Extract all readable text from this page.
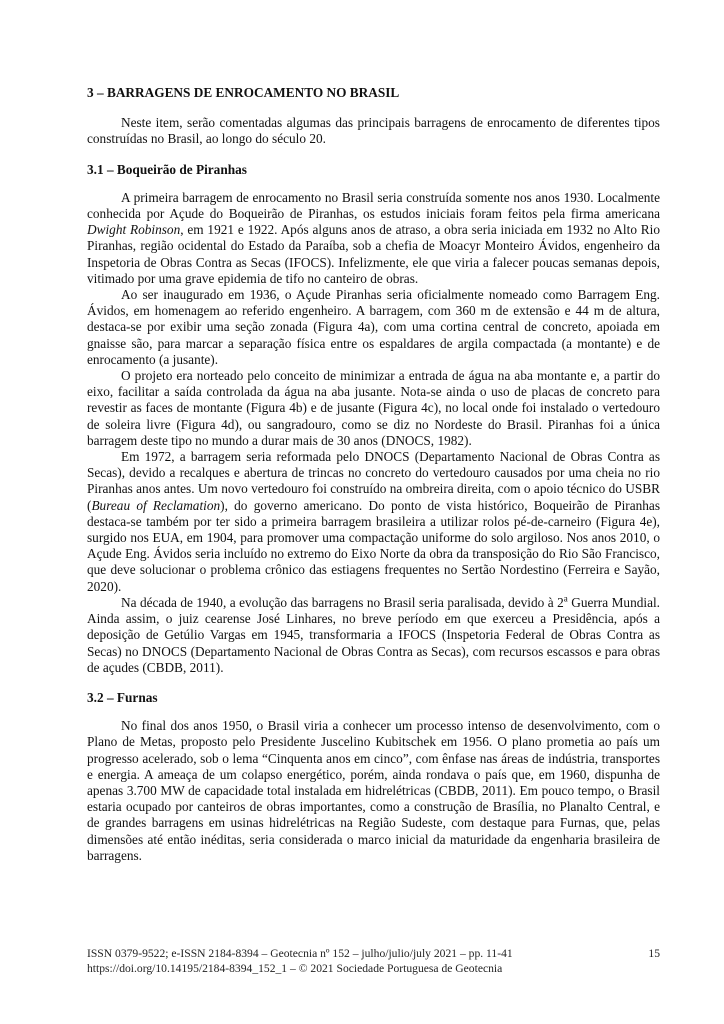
3 – BARRAGENS DE ENROCAMENTO NO BRASIL

Neste item, serão comentadas algumas das principais barragens de enrocamento de diferentes tipos construídas no Brasil, ao longo do século 20.

3.1 – Boqueirão de Piranhas

A primeira barragem de enrocamento no Brasil seria construída somente nos anos 1930. Localmente conhecida por Açude do Boqueirão de Piranhas, os estudos iniciais foram feitos pela firma americana Dwight Robinson, em 1921 e 1922. Após alguns anos de atraso, a obra seria iniciada em 1932 no Alto Rio Piranhas, região ocidental do Estado da Paraíba, sob a chefia de Moacyr Monteiro Ávidos, engenheiro da Inspetoria de Obras Contra as Secas (IFOCS). Infelizmente, ele que viria a falecer poucas semanas depois, vitimado por uma grave epidemia de tifo no canteiro de obras.

Ao ser inaugurado em 1936, o Açude Piranhas seria oficialmente nomeado como Barragem Eng. Ávidos, em homenagem ao referido engenheiro. A barragem, com 360 m de extensão e 44 m de altura, destaca-se por exibir uma seção zonada (Figura 4a), com uma cortina central de concreto, apoiada em gnaisse são, para marcar a separação física entre os espaldares de argila compactada (a montante) e de enrocamento (a jusante).

O projeto era norteado pelo conceito de minimizar a entrada de água na aba montante e, a partir do eixo, facilitar a saída controlada da água na aba jusante. Nota-se ainda o uso de placas de concreto para revestir as faces de montante (Figura 4b) e de jusante (Figura 4c), no local onde foi instalado o vertedouro de soleira livre (Figura 4d), ou sangradouro, como se diz no Nordeste do Brasil. Piranhas foi a única barragem deste tipo no mundo a durar mais de 30 anos (DNOCS, 1982).

Em 1972, a barragem seria reformada pelo DNOCS (Departamento Nacional de Obras Contra as Secas), devido a recalques e abertura de trincas no concreto do vertedouro causados por uma cheia no rio Piranhas anos antes. Um novo vertedouro foi construído na ombreira direita, com o apoio técnico do USBR (Bureau of Reclamation), do governo americano. Do ponto de vista histórico, Boqueirão de Piranhas destaca-se também por ter sido a primeira barragem brasileira a utilizar rolos pé-de-carneiro (Figura 4e), surgido nos EUA, em 1904, para promover uma compactação uniforme do solo argiloso. Nos anos 2010, o Açude Eng. Ávidos seria incluído no extremo do Eixo Norte da obra da transposição do Rio São Francisco, que deve solucionar o problema crônico das estiagens frequentes no Sertão Nordestino (Ferreira e Sayão, 2020).

Na década de 1940, a evolução das barragens no Brasil seria paralisada, devido à 2$^a$ Guerra Mundial. Ainda assim, o juiz cearense José Linhares, no breve período em que exerceu a Presidência, após a deposição de Getúlio Vargas em 1945, transformaria a IFOCS (Inspetoria Federal de Obras Contra as Secas) no DNOCS (Departamento Nacional de Obras Contra as Secas), com recursos escassos e para obras de açudes (CBDB, 2011).

3.2 – Furnas

No final dos anos 1950, o Brasil viria a conhecer um processo intenso de desenvolvimento, com o Plano de Metas, proposto pelo Presidente Juscelino Kubitschek em 1956. O plano prometia ao país um progresso acelerado, sob o lema “Cinquenta anos em cinco”, com ênfase nas áreas de indústria, transportes e energia. A ameaça de um colapso energético, porém, ainda rondava o país que, em 1960, dispunha de apenas 3.700 MW de capacidade total instalada em hidrelétricas (CBDB, 2011). Em pouco tempo, o Brasil estaria ocupado por canteiros de obras importantes, como a construção de Brasília, no Planalto Central, e de grandes barragens em usinas hidrelétricas na Região Sudeste, com destaque para Furnas, que, pelas dimensões até então inéditas, seria considerada o marco inicial da maturidade da engenharia brasileira de barragens.

ISSN 0379-9522; e-ISSN 2184-8394 – Geotecnia nº 152 – julho/julio/july 2021 – pp. 11-41	15
https://doi.org/10.14195/2184-8394_152_1 – © 2021 Sociedade Portuguesa de Geotecnia
